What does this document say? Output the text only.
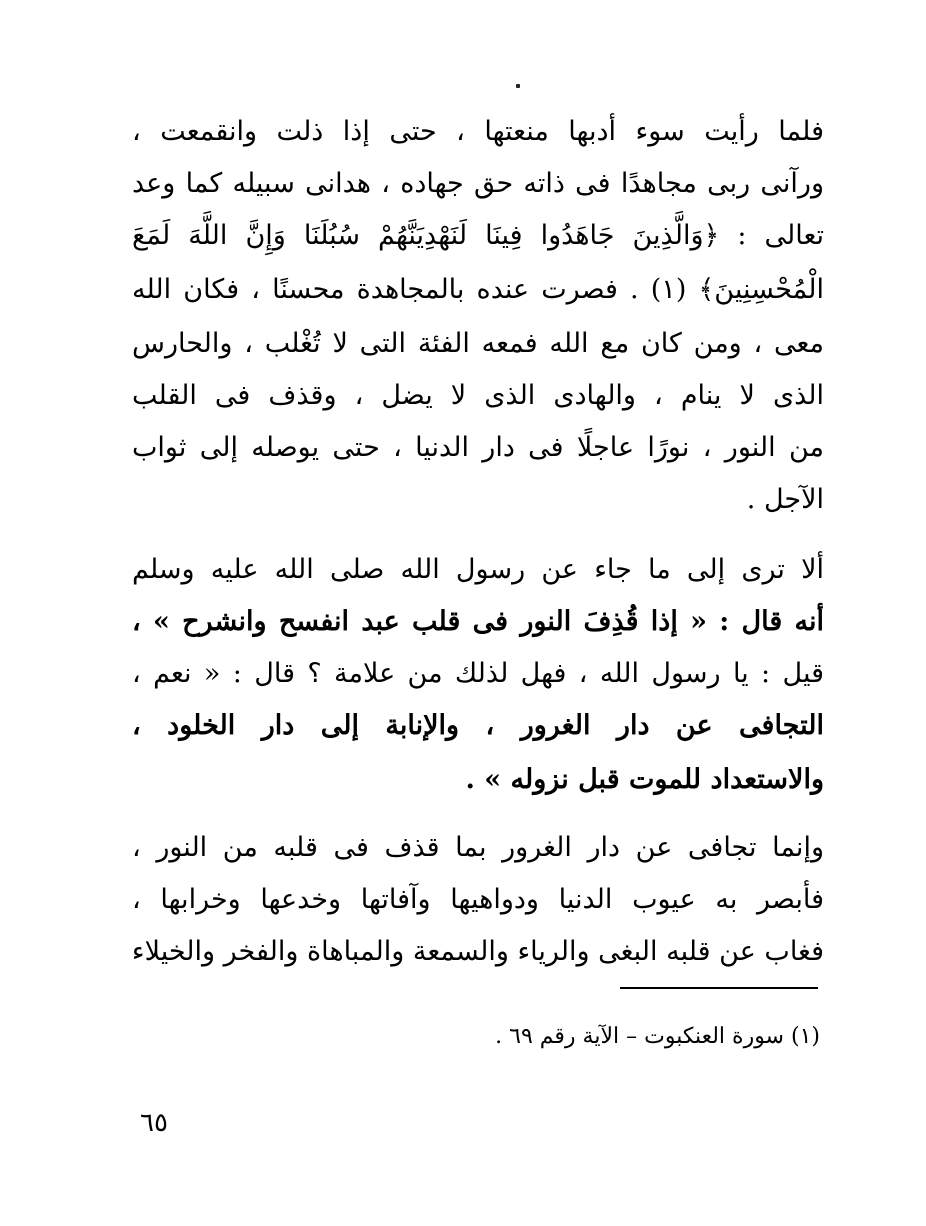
فلما رأيت سوء أدبها منعتها ، حتى إذا ذلت وانقمعت ،
ورآنى ربى مجاهدًا فى ذاته حق جهاده ، هدانى سبيله كما وعد
تعالى : ﴿وَالَّذِينَ جَاهَدُوا فِينَا لَنَهْدِيَنَّهُمْ سُبُلَنَا وَإِنَّ اللَّهَ لَمَعَ
الْمُحْسِنِينَ﴾ (١) . فصرت عنده بالمجاهدة محسنًا ، فكان الله
معى ، ومن كان مع الله فمعه الفئة التى لا تُغْلب ، والحارس
الذى لا ينام ، والهادى الذى لا يضل ، وقذف فى القلب
من النور ، نورًا عاجلًا فى دار الدنيا ، حتى يوصله إلى ثواب
الآجل .
ألا ترى إلى ما جاء عن رسول الله صلى الله عليه وسلم
أنه قال : « إذا قُذِفَ النور فى قلب عبد انفسح وانشرح » ،
قيل : يا رسول الله ، فهل لذلك من علامة ؟ قال : « نعم ،
التجافى عن دار الغرور ، والإنابة إلى دار الخلود ،
والاستعداد للموت قبل نزوله » .
وإنما تجافى عن دار الغرور بما قذف فى قلبه من النور ،
فأبصر به عيوب الدنيا ودواهيها وآفاتها وخدعها وخرابها ،
فغاب عن قلبه البغى والرياء والسمعة والمباهاة والفخر والخيلاء
(١) سورة العنكبوت – الآية رقم ٦٩ .
٦٥
